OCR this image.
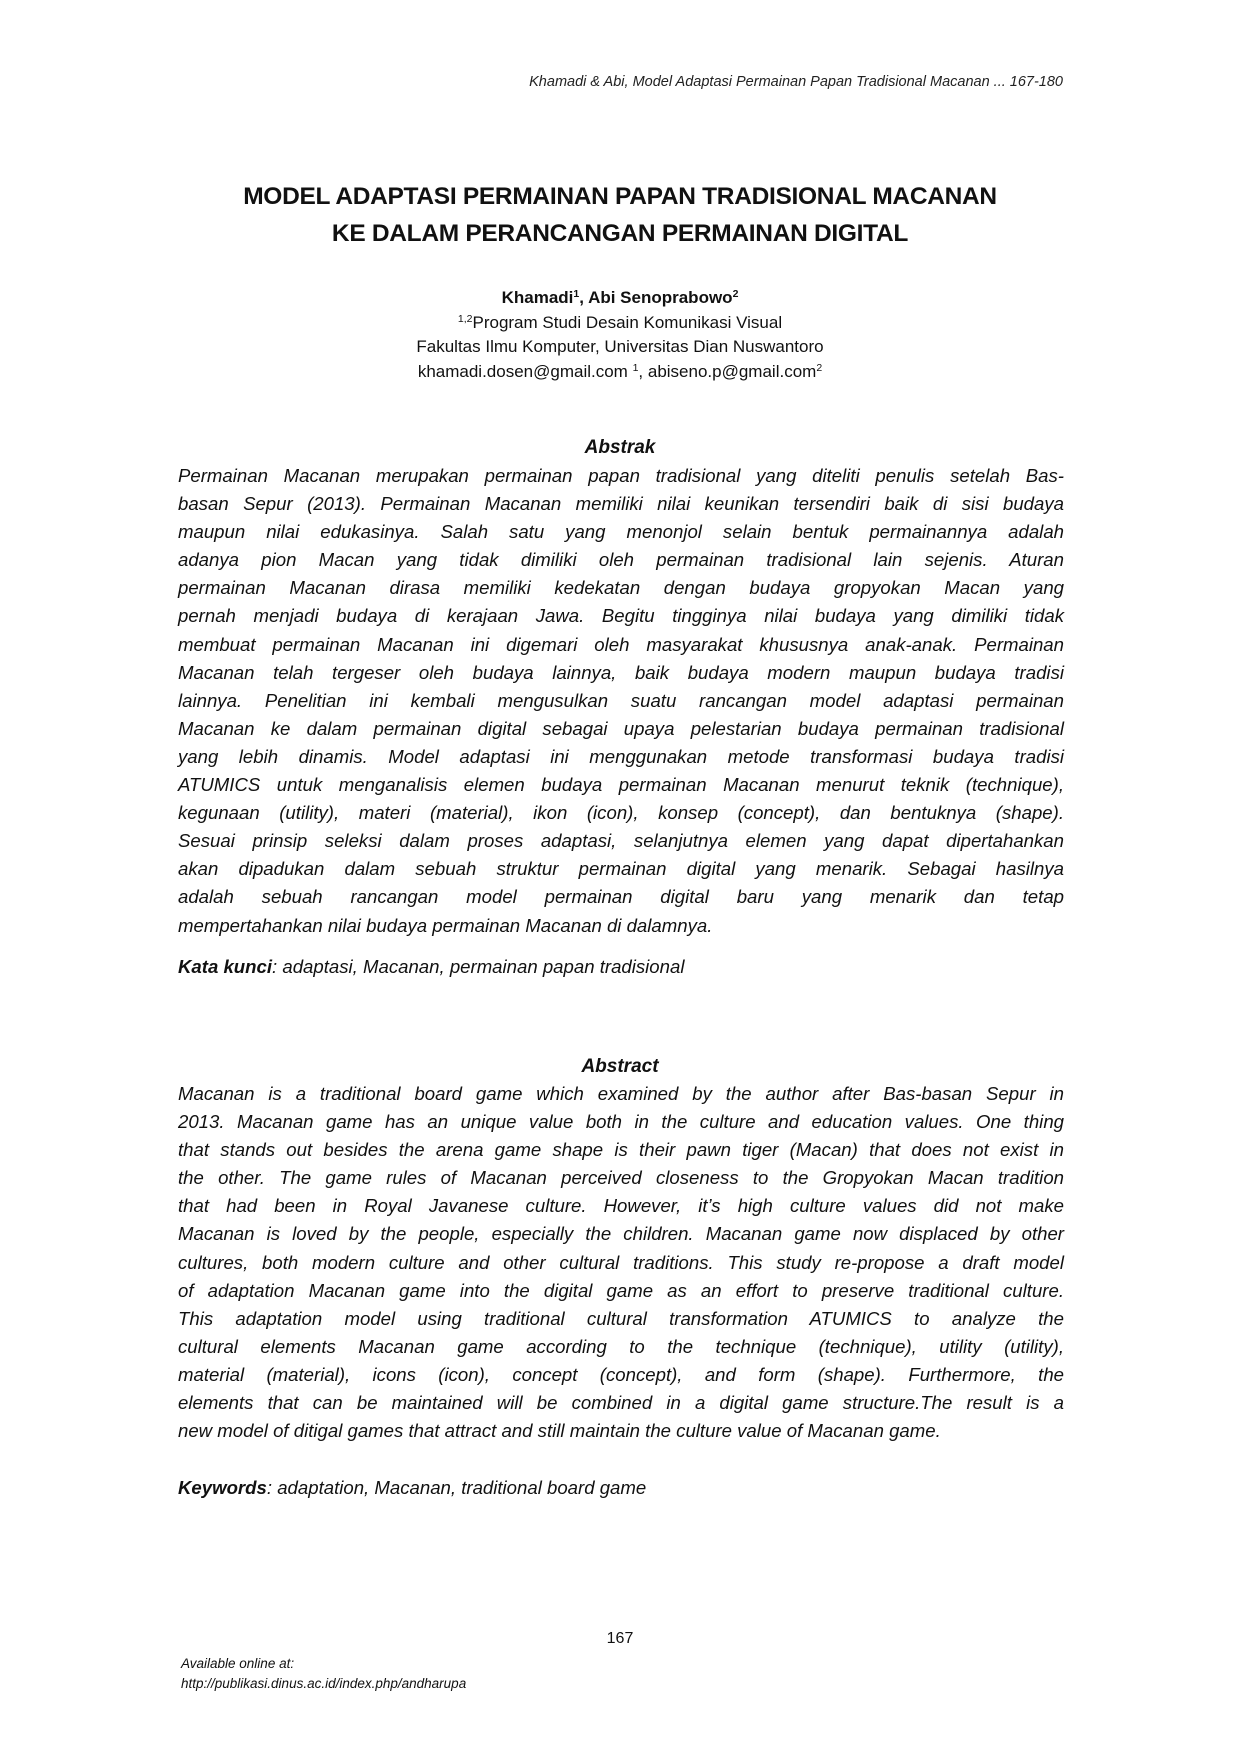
Khamadi & Abi, Model Adaptasi Permainan Papan Tradisional Macanan ... 167-180
MODEL ADAPTASI PERMAINAN PAPAN TRADISIONAL MACANAN
KE DALAM PERANCANGAN PERMAINAN DIGITAL
Khamadi$^1$, Abi Senoprabowo$^2$
$^{1,2}$Program Studi Desain Komunikasi Visual
Fakultas Ilmu Komputer, Universitas Dian Nuswantoro
khamadi.dosen@gmail.com $^1$, abiseno.p@gmail.com$^2$
Abstrak
Permainan Macanan merupakan permainan papan tradisional yang diteliti penulis setelah Bas-
basan Sepur (2013). Permainan Macanan memiliki nilai keunikan tersendiri baik di sisi budaya
maupun nilai edukasinya. Salah satu yang menonjol selain bentuk permainannya adalah
adanya pion Macan yang tidak dimiliki oleh permainan tradisional lain sejenis. Aturan
permainan Macanan dirasa memiliki kedekatan dengan budaya gropyokan Macan yang
pernah menjadi budaya di kerajaan Jawa. Begitu tingginya nilai budaya yang dimiliki tidak
membuat permainan Macanan ini digemari oleh masyarakat khususnya anak-anak. Permainan
Macanan telah tergeser oleh budaya lainnya, baik budaya modern maupun budaya tradisi
lainnya. Penelitian ini kembali mengusulkan suatu rancangan model adaptasi permainan
Macanan ke dalam permainan digital sebagai upaya pelestarian budaya permainan tradisional
yang lebih dinamis. Model adaptasi ini menggunakan metode transformasi budaya tradisi
ATUMICS untuk menganalisis elemen budaya permainan Macanan menurut teknik (technique),
kegunaan (utility), materi (material), ikon (icon), konsep (concept), dan bentuknya (shape).
Sesuai prinsip seleksi dalam proses adaptasi, selanjutnya elemen yang dapat dipertahankan
akan dipadukan dalam sebuah struktur permainan digital yang menarik. Sebagai hasilnya
adalah sebuah rancangan model permainan digital baru yang menarik dan tetap
mempertahankan nilai budaya permainan Macanan di dalamnya.
Kata kunci: adaptasi, Macanan, permainan papan tradisional
Abstract
Macanan is a traditional board game which examined by the author after Bas-basan Sepur in
2013. Macanan game has an unique value both in the culture and education values. One thing
that stands out besides the arena game shape is their pawn tiger (Macan) that does not exist in
the other. The game rules of Macanan perceived closeness to the Gropyokan Macan tradition
that had been in Royal Javanese culture. However, it’s high culture values did not make
Macanan is loved by the people, especially the children. Macanan game now displaced by other
cultures, both modern culture and other cultural traditions. This study re-propose a draft model
of adaptation Macanan game into the digital game as an effort to preserve traditional culture.
This adaptation model using traditional cultural transformation ATUMICS to analyze the
cultural elements Macanan game according to the technique (technique), utility (utility),
material (material), icons (icon), concept (concept), and form (shape). Furthermore, the
elements that can be maintained will be combined in a digital game structure.The result is a
new model of ditigal games that attract and still maintain the culture value of Macanan game.
Keywords: adaptation, Macanan, traditional board game
167
Available online at:
http://publikasi.dinus.ac.id/index.php/andharupa
